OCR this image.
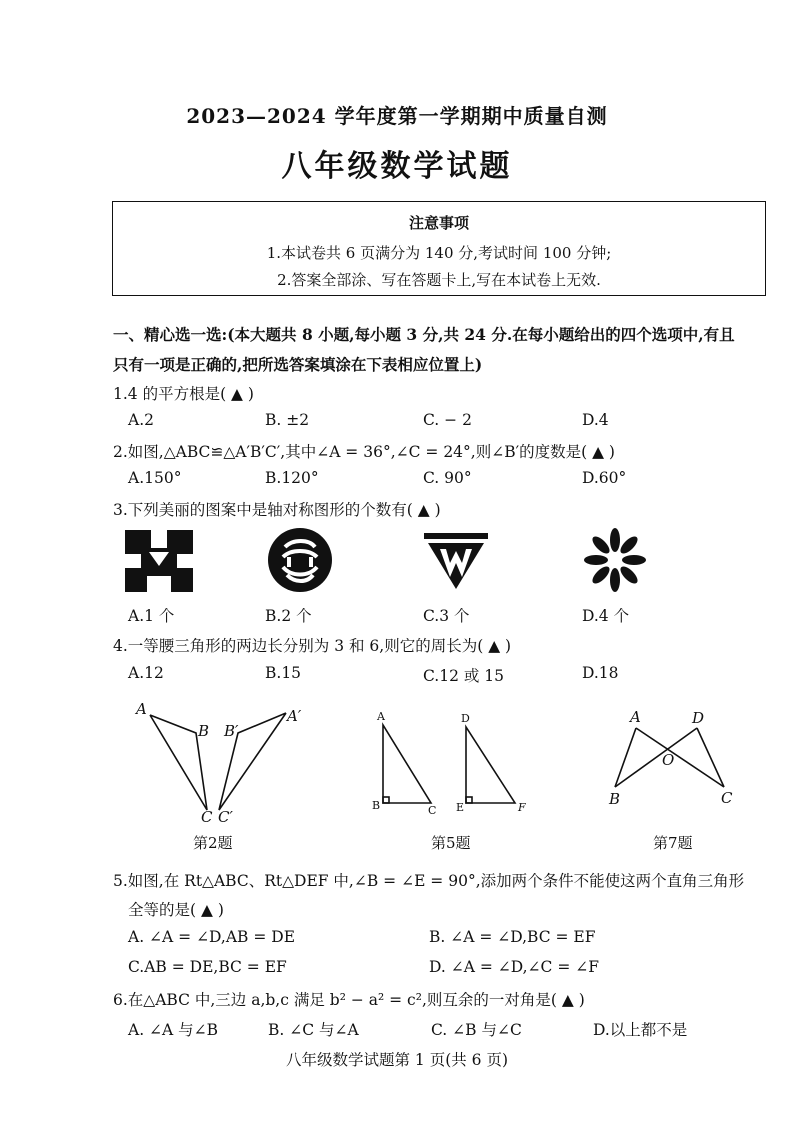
2023—2024 学年度第一学期期中质量自测
八年级数学试题
注意事项
1.本试卷共 6 页满分为 140 分,考试时间 100 分钟;
2.答案全部涂、写在答题卡上,写在本试卷上无效.
一、精心选一选:(本大题共 8 小题,每小题 3 分,共 24 分.在每小题给出的四个选项中,有且
只有一项是正确的,把所选答案填涂在下表相应位置上)
1.4 的平方根是( ▲ )
A.2	B. ±2	C. − 2	D.4
2.如图,△ABC≌△A′B′C′,其中∠A = 36°,∠C = 24°,则∠B′的度数是( ▲ )
A.150°	B.120°	C. 90°	D.60°
3.下列美丽的图案中是轴对称图形的个数有( ▲ )
A.1 个	B.2 个	C.3 个	D.4 个
4.一等腰三角形的两边长分别为 3 和 6,则它的周长为( ▲ )
A.12	B.15	C.12 或 15	D.18
A
B
C
B′
A′
C′
第2题
A
B	C
D
E	F
第5题
A	D
O
B	C
第7题
5.如图,在 Rt△ABC、Rt△DEF 中,∠B = ∠E = 90°,添加两个条件不能使这两个直角三角形
全等的是( ▲ )
A. ∠A = ∠D,AB = DE	B. ∠A = ∠D,BC = EF
C.AB = DE,BC = EF	D. ∠A = ∠D,∠C = ∠F
6.在△ABC 中,三边 a,b,c 满足 b² − a² = c²,则互余的一对角是( ▲ )
A. ∠A 与∠B	B. ∠C 与∠A	C. ∠B 与∠C	D.以上都不是
八年级数学试题第 1 页(共 6 页)
